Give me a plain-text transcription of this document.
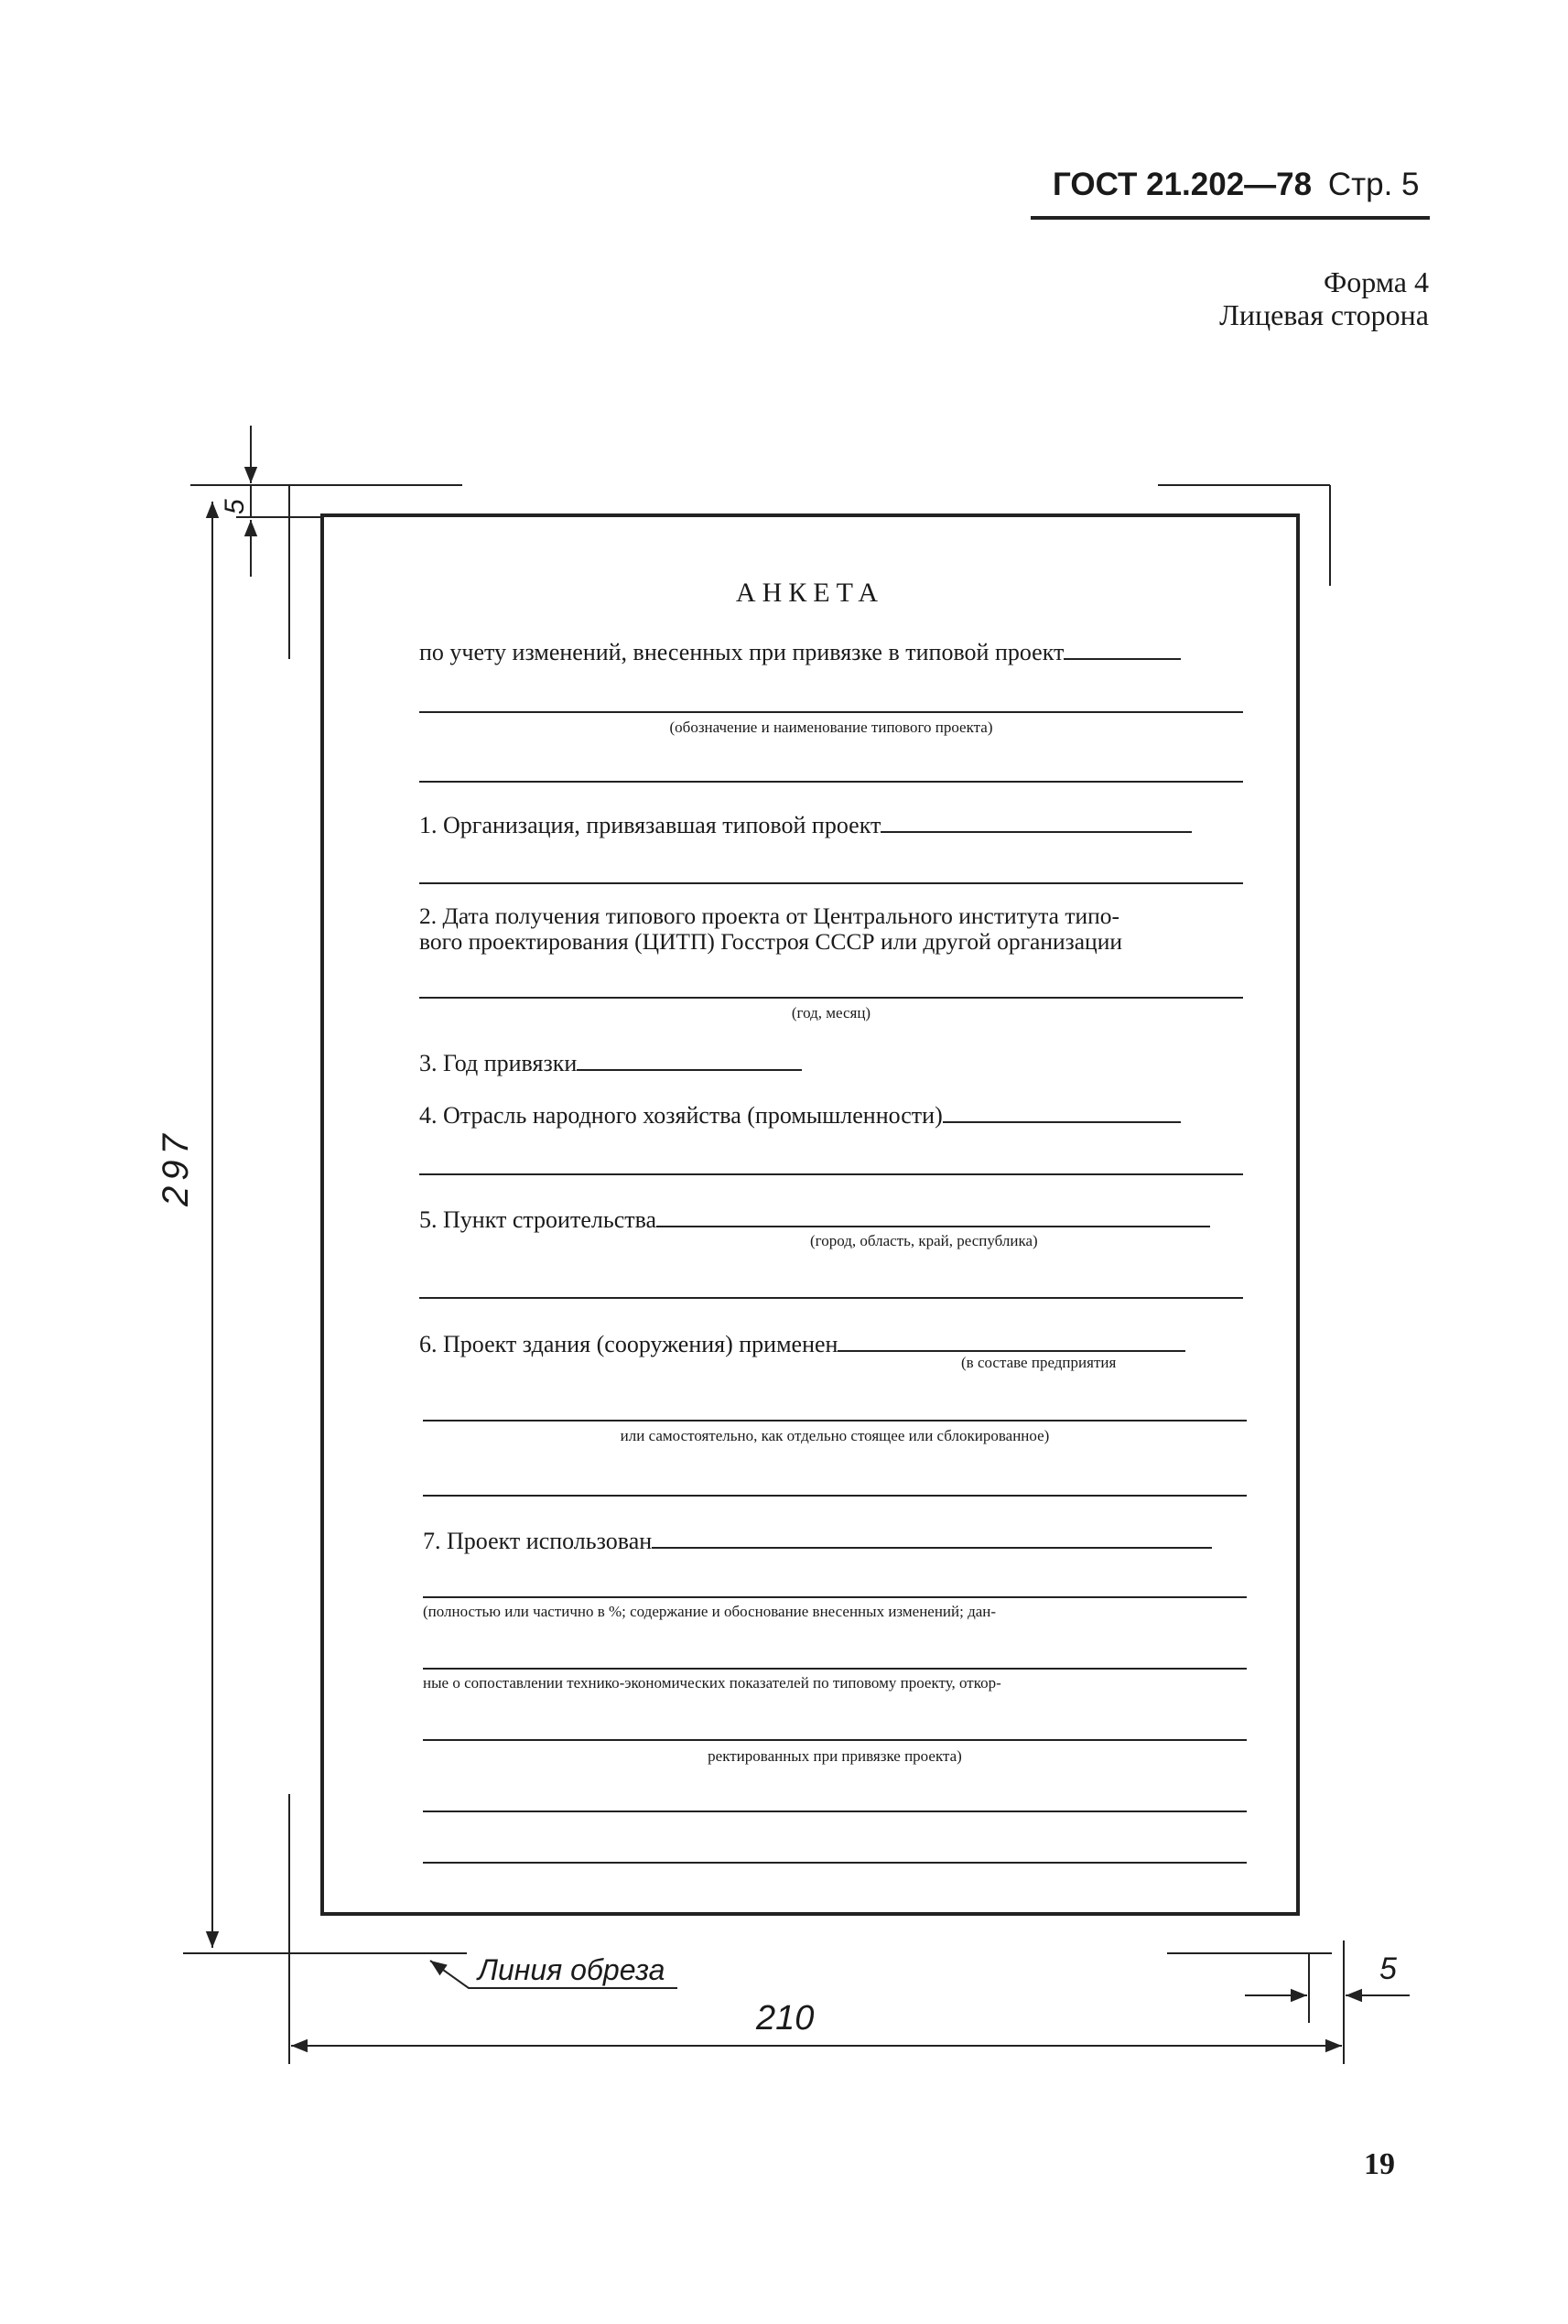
ГОСТ 21.202—78 Стр. 5
Форма 4
Лицевая сторона
297
5
5
210
Линия обреза
АНКЕТА
по учету изменений, внесенных при привязке в типовой проект
(обозначение и наименование типового проекта)
1. Организация, привязавшая типовой проект
2. Дата получения типового проекта от Центрального института типо-
вого проектирования (ЦИТП) Госстроя СССР или другой организации
(год, месяц)
3. Год привязки
4. Отрасль народного хозяйства (промышленности)
5. Пункт строительства
(город, область, край, республика)
6. Проект здания (сооружения) применен
(в составе предприятия
или самостоятельно, как отдельно стоящее или сблокированное)
7. Проект использован
(полностью или частично в %; содержание и обоснование внесенных изменений; дан-
ные о сопоставлении технико-экономических показателей по типовому проекту, откор-
ректированных при привязке проекта)
19
